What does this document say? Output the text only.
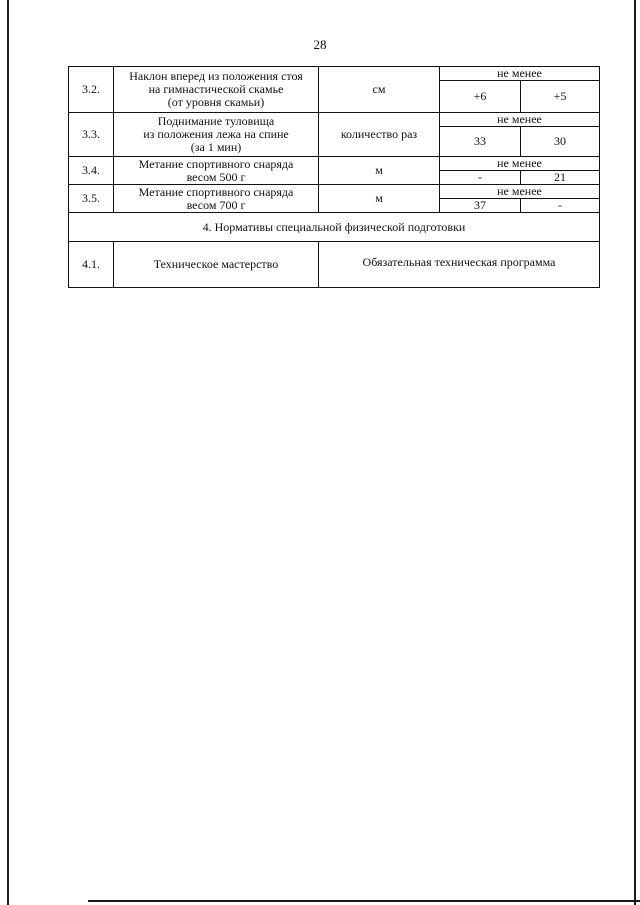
28
3.2.	Наклон вперед из положения стоя
на гимнастической скамье
(от уровня скамьи)	см	не менее	
			+6	+5
3.3.	Поднимание туловища
из положения лежа на спине
(за 1 мин)	количество раз	не менее	
			33	30
3.4.	Метание спортивного снаряда
весом 500 г	м	не менее	
			-	21
3.5.	Метание спортивного снаряда
весом 700 г	м	не менее	
			37	-
4. Нормативы специальной физической подготовки				
4.1.	Техническое мастерство	Обязательная техническая программа		
